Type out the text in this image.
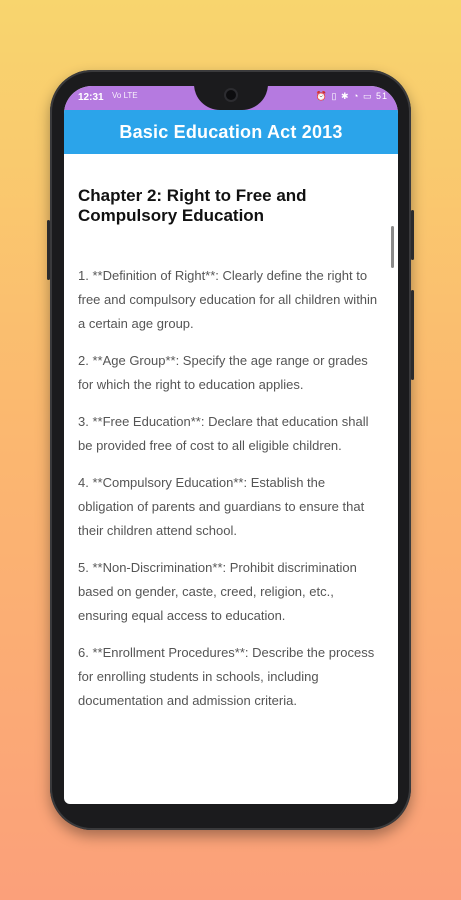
12:31 Vo LTE	⏰ ▯ ✱ ◔ ▭ 51
Basic Education Act 2013
Chapter 2: Right to Free and Compulsory Education

1. **Definition of Right**: Clearly define the right to free and compulsory education for all children within a certain age group.

2. **Age Group**: Specify the age range or grades for which the right to education applies.

3. **Free Education**: Declare that education shall be provided free of cost to all eligible children.

4. **Compulsory Education**: Establish the obligation of parents and guardians to ensure that their children attend school.

5. **Non-Discrimination**: Prohibit discrimination based on gender, caste, creed, religion, etc., ensuring equal access to education.

6. **Enrollment Procedures**: Describe the process for enrolling students in schools, including documentation and admission criteria.
